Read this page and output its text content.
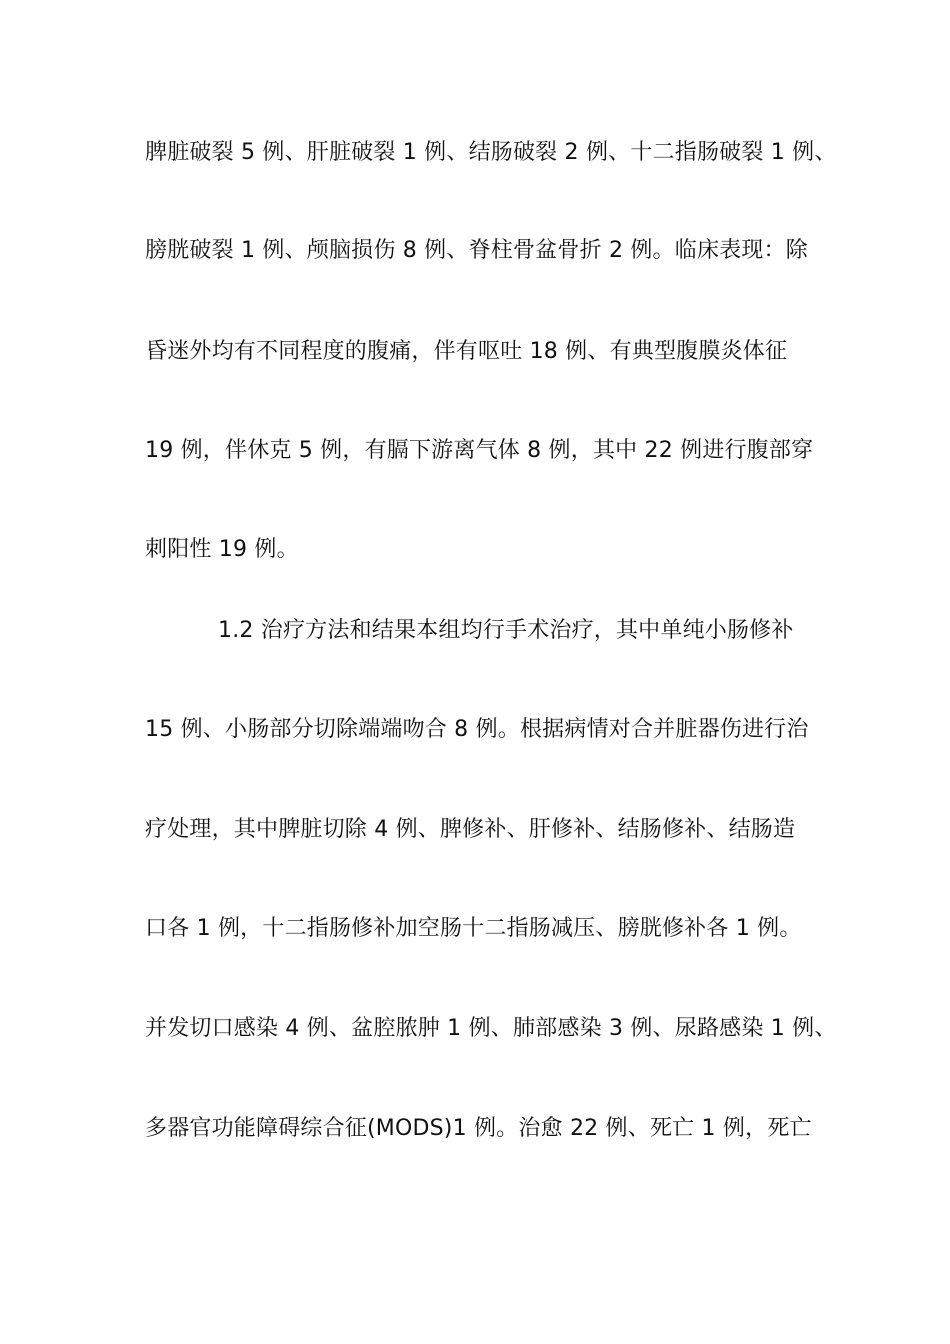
脾脏破裂 5 例、肝脏破裂 1 例、结肠破裂 2 例、十二指肠破裂 1 例、
膀胱破裂 1 例、颅脑损伤 8 例、脊柱骨盆骨折 2 例。临床表现：除
昏迷外均有不同程度的腹痛，伴有呕吐 18 例、有典型腹膜炎体征
19 例，伴休克 5 例，有膈下游离气体 8 例，其中 22 例进行腹部穿
刺阳性 19 例。
1.2 治疗方法和结果本组均行手术治疗，其中单纯小肠修补
15 例、小肠部分切除端端吻合 8 例。根据病情对合并脏器伤进行治
疗处理，其中脾脏切除 4 例、脾修补、肝修补、结肠修补、结肠造
口各 1 例，十二指肠修补加空肠十二指肠减压、膀胱修补各 1 例。
并发切口感染 4 例、盆腔脓肿 1 例、肺部感染 3 例、尿路感染 1 例、
多器官功能障碍综合征(MODS)1 例。治愈 22 例、死亡 1 例，死亡
